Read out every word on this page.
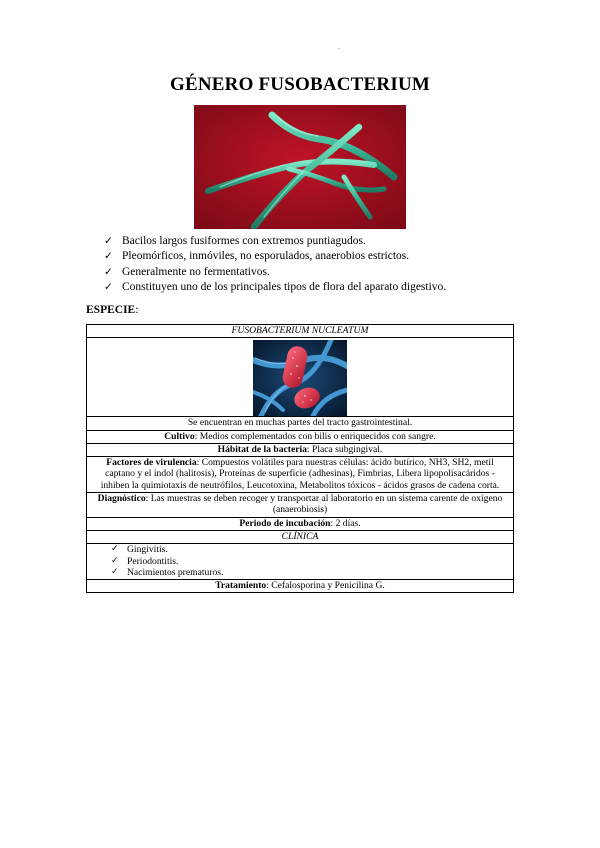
.
GÉNERO FUSOBACTERIUM
✓ Bacilos largos fusiformes con extremos puntiagudos.
✓ Pleomórficos, inmóviles, no esporulados, anaerobios estrictos.
✓ Generalmente no fermentativos.
✓ Constituyen uno de los principales tipos de flora del aparato digestivo.
ESPECIE:
FUSOBACTERIUM NUCLEATUM

Se encuentran en muchas partes del tracto gastrointestinal.
Cultivo: Medios complementados con bilis o enriquecidos con sangre.
Hábitat de la bacteria: Placa subgingival.
Factores de virulencia: Compuestos volátiles para nuestras células: ácido butírico, NH3, SH2, metil captano y el indol (halitosis), Proteínas de superficie (adhesinas), Fimbrias, Libera lipopolisacáridos - inhiben la quimiotaxis de neutrófilos, Leucotoxina, Metabolitos tóxicos - ácidos grasos de cadena corta.
Diagnóstico: Las muestras se deben recoger y transportar al laboratorio en un sistema carente de oxígeno (anaerobiosis)
Periodo de incubación: 2 días.
CLÍNICA

✓ Gingivitis.
✓ Periodontitis.
✓ Nacimientos prematuros.

Tratamiento: Cefalosporina y Penicilina G.
